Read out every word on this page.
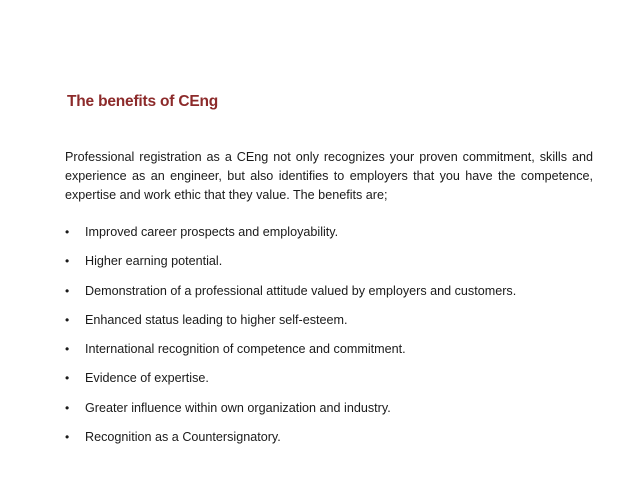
The benefits of CEng
Professional registration as a CEng not only recognizes your proven commitment, skills and experience as an engineer, but also identifies to employers that you have the competence, expertise and work ethic that they value. The benefits are;
• Improved career prospects and employability.
• Higher earning potential.
• Demonstration of a professional attitude valued by employers and customers.
• Enhanced status leading to higher self-esteem.
• International recognition of competence and commitment.
• Evidence of expertise.
• Greater influence within own organization and industry.
• Recognition as a Countersignatory.
